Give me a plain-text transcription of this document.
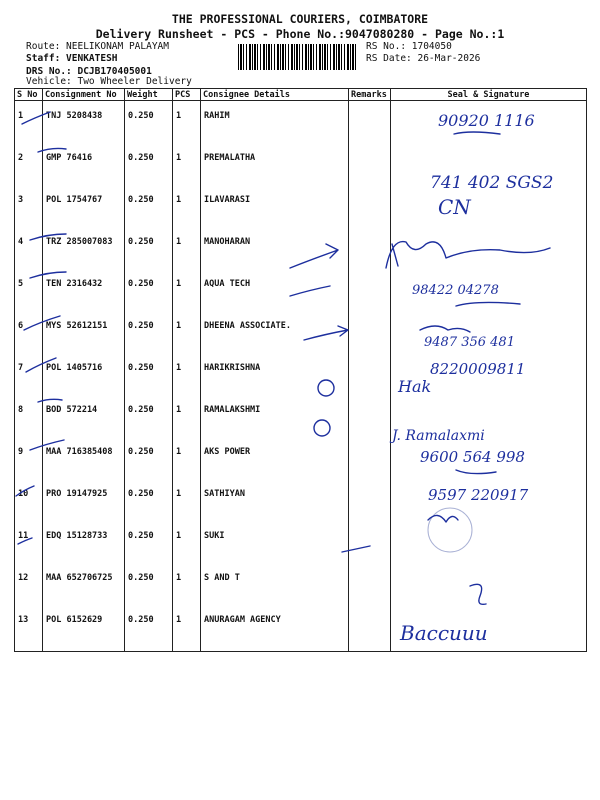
THE PROFESSIONAL COURIERS, COIMBATORE
Delivery Runsheet - PCS - Phone No.:9047080280 - Page No.:1
Route: NEELIKONAM PALAYAM
Staff: VENKATESH
DRS No.: DCJB170405001
Vehicle: Two Wheeler Delivery
RS No.: 1704050
RS Date: 26-Mar-2026
S No	Consignment No	Weight	PCS	Consignee Details	Remarks	Seal & Signature
1	TNJ 5208438	0.250	1	RAHIM		
2	GMP 76416	0.250	1	PREMALATHA		
3	POL 1754767	0.250	1	ILAVARASI		
4	TRZ 285007083	0.250	1	MANOHARAN		
5	TEN 2316432	0.250	1	AQUA TECH		
6	MYS 52612151	0.250	1	DHEENA ASSOCIATE.		
7	POL 1405716	0.250	1	HARIKRISHNA		
8	BOD 572214	0.250	1	RAMALAKSHMI		
9	MAA 716385408	0.250	1	AKS POWER		
10	PRO 19147925	0.250	1	SATHIYAN		
11	EDQ 15128733	0.250	1	SUKI		
12	MAA 652706725	0.250	1	S AND T		
13	POL 6152629	0.250	1	ANURAGAM AGENCY		
90920 1116
741 402 SGS2
CN
98422 04278
9487 356 481
8220009811
Hak
J. Ramalaxmi
9600 564 998
9597 220917
Baccuuu
